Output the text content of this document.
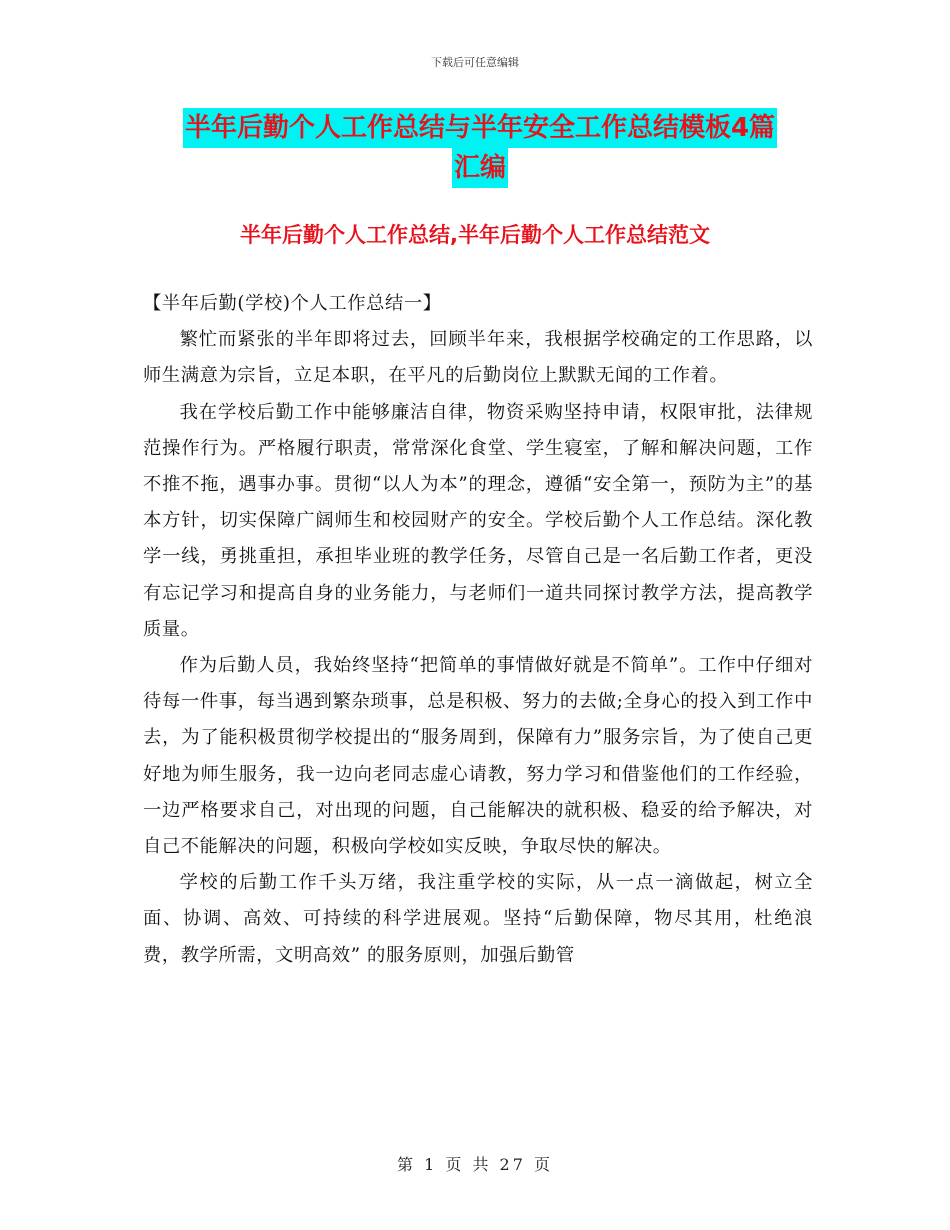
下载后可任意编辑
半年后勤个人工作总结与半年安全工作总结模板4篇
汇编
半年后勤个人工作总结,半年后勤个人工作总结范文

【半年后勤(学校)个人工作总结一】

繁忙而紧张的半年即将过去，回顾半年来，我根据学校确定的工作思路，以师生满意为宗旨，立足本职，在平凡的后勤岗位上默默无闻的工作着。

我在学校后勤工作中能够廉洁自律，物资采购坚持申请，权限审批，法律规范操作行为。严格履行职责，常常深化食堂、学生寝室，了解和解决问题，工作不推不拖，遇事办事。贯彻“以人为本”的理念，遵循“安全第一，预防为主”的基本方针，切实保障广阔师生和校园财产的安全。学校后勤个人工作总结。深化教学一线，勇挑重担，承担毕业班的教学任务，尽管自己是一名后勤工作者，更没有忘记学习和提高自身的业务能力，与老师们一道共同探讨教学方法，提高教学质量。

作为后勤人员，我始终坚持“把简单的事情做好就是不简单”。工作中仔细对待每一件事，每当遇到繁杂琐事，总是积极、努力的去做;全身心的投入到工作中去，为了能积极贯彻学校提出的“服务周到，保障有力”服务宗旨，为了使自己更好地为师生服务，我一边向老同志虚心请教，努力学习和借鉴他们的工作经验，一边严格要求自己，对出现的问题，自己能解决的就积极、稳妥的给予解决，对自己不能解决的问题，积极向学校如实反映，争取尽快的解决。

学校的后勤工作千头万绪，我注重学校的实际，从一点一滴做起，树立全面、协调、高效、可持续的科学进展观。坚持“后勤保障，物尽其用，杜绝浪费，教学所需，文明高效” 的服务原则，加强后勤管

第 1 页 共 27 页
